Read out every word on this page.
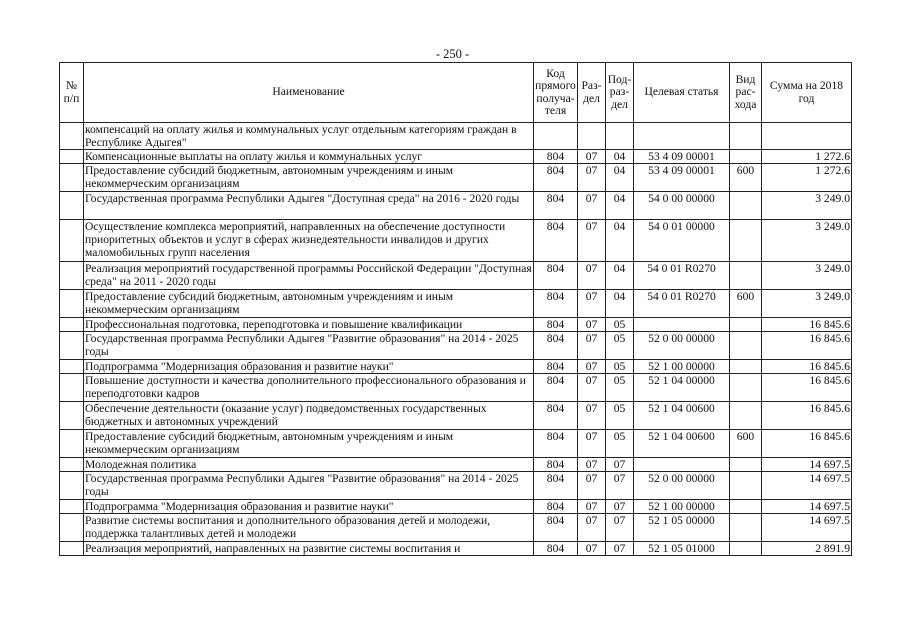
- 250 -
№ п/п	Наименование	Код прямого получа-теля	Раз-дел	Под-раз-дел	Целевая статья	Вид рас-хода	Сумма на 2018 год
	компенсаций на оплату жилья и коммунальных услуг отдельным категориям граждан в Республике Адыгея"						
	Компенсационные выплаты на оплату жилья и коммунальных услуг	804	07	04	53 4 09 00001		1 272.6
	Предоставление субсидий бюджетным, автономным учреждениям и иным некоммерческим организациям	804	07	04	53 4 09 00001	600	1 272.6
	Государственная программа Республики Адыгея "Доступная среда" на 2016 - 2020 годы	804	07	04	54 0 00 00000		3 249.0
	Осуществление комплекса мероприятий, направленных на обеспечение доступности приоритетных объектов и услуг в сферах жизнедеятельности инвалидов и других маломобильных групп населения	804	07	04	54 0 01 00000		3 249.0
	Реализация мероприятий государственной программы Российской Федерации "Доступная среда" на 2011 - 2020 годы	804	07	04	54 0 01 R0270		3 249.0
	Предоставление субсидий бюджетным, автономным учреждениям и иным некоммерческим организациям	804	07	04	54 0 01 R0270	600	3 249.0
	Профессиональная подготовка, переподготовка и повышение квалификации	804	07	05			16 845.6
	Государственная программа Республики Адыгея "Развитие образования" на 2014 - 2025 годы	804	07	05	52 0 00 00000		16 845.6
	Подпрограмма "Модернизация образования и развитие науки"	804	07	05	52 1 00 00000		16 845.6
	Повышение доступности и качества дополнительного профессионального образования и переподготовки кадров	804	07	05	52 1 04 00000		16 845.6
	Обеспечение деятельности (оказание услуг) подведомственных государственных бюджетных и автономных учреждений	804	07	05	52 1 04 00600		16 845.6
	Предоставление субсидий бюджетным, автономным учреждениям и иным некоммерческим организациям	804	07	05	52 1 04 00600	600	16 845.6
	Молодежная политика	804	07	07			14 697.5
	Государственная программа Республики Адыгея "Развитие образования" на 2014 - 2025 годы	804	07	07	52 0 00 00000		14 697.5
	Подпрограмма "Модернизация образования и развитие науки"	804	07	07	52 1 00 00000		14 697.5
	Развитие системы воспитания и дополнительного образования детей и молодежи, поддержка талантливых детей и молодежи	804	07	07	52 1 05 00000		14 697.5
	Реализация мероприятий, направленных на развитие системы воспитания и	804	07	07	52 1 05 01000		2 891.9
